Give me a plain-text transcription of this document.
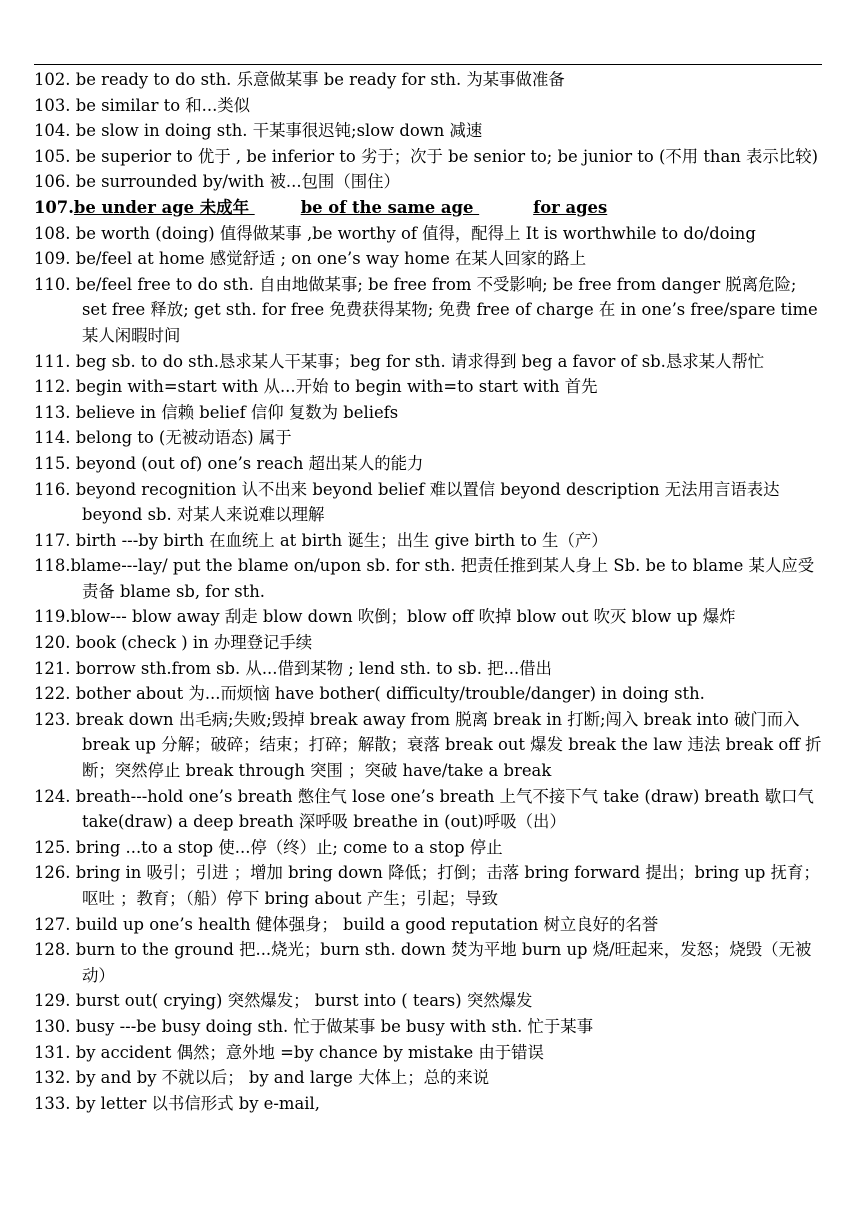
102. be ready to do sth. 乐意做某事 be ready for sth. 为某事做准备
103. be similar to 和...类似
104. be slow in doing sth. 干某事很迟钝;slow down 减速
105. be superior to 优于 , be inferior to 劣于；次于 be senior to; be junior to (不用 than 表示比较)
106. be surrounded by/with 被...包围（围住）
107.be under age 未成年	be of the same age	for ages
108. be worth (doing) 值得做某事 ,be worthy of 值得，配得上 It is worthwhile to do/doing
109. be/feel at home 感觉舒适 ; on one’s way home 在某人回家的路上
110. be/feel free to do sth. 自由地做某事; be free from 不受影响; be free from danger 脱离危险; set free 释放; get sth. for free 免费获得某物; 免费 free of charge 在 in one’s free/spare time 某人闲暇时间
111. beg sb. to do sth.恳求某人干某事；beg for sth. 请求得到 beg a favor of sb.恳求某人帮忙
112. begin with=start with 从...开始 to begin with=to start with 首先
113. believe in 信赖 belief 信仰 复数为 beliefs
114. belong to (无被动语态) 属于
115. beyond (out of) one’s reach 超出某人的能力
116. beyond recognition 认不出来 beyond belief 难以置信 beyond description 无法用言语表达 beyond sb. 对某人来说难以理解
117. birth ---by birth 在血统上 at birth 诞生；出生 give birth to 生（产）
118.blame---lay/ put the blame on/upon sb. for sth. 把责任推到某人身上 Sb. be to blame 某人应受责备 blame sb, for sth.
119.blow--- blow away 刮走 blow down 吹倒；blow off 吹掉 blow out 吹灭 blow up 爆炸
120. book (check ) in 办理登记手续
121. borrow sth.from sb. 从...借到某物 ; lend sth. to sb. 把...借出
122. bother about 为...而烦恼 have bother( difficulty/trouble/danger) in doing sth.
123. break down 出毛病;失败;毁掉 break away from 脱离 break in 打断;闯入 break into 破门而入 break up 分解；破碎；结束；打碎；解散；衰落 break out 爆发 break the law 违法 break off 折断；突然停止 break through 突围 ；突破 have/take a break
124. breath---hold one’s breath 憋住气 lose one’s breath 上气不接下气 take (draw) breath 歇口气 take(draw) a deep breath 深呼吸 breathe in (out)呼吸（出）
125. bring ...to a stop 使...停（终）止; come to a stop 停止
126. bring in 吸引；引进 ；增加 bring down 降低；打倒；击落 bring forward 提出；bring up 抚育；呕吐 ；教育；（船）停下 bring about 产生；引起；导致
127. build up one’s health 健体强身； build a good reputation 树立良好的名誉
128. burn to the ground 把...烧光；burn sth. down 焚为平地 burn up 烧/旺起来，发怒；烧毁（无被动）
129. burst out( crying) 突然爆发； burst into ( tears) 突然爆发
130. busy ---be busy doing sth. 忙于做某事 be busy with sth. 忙于某事
131. by accident 偶然；意外地 =by chance by mistake 由于错误
132. by and by 不就以后； by and large 大体上；总的来说
133. by letter 以书信形式 by e-mail,
